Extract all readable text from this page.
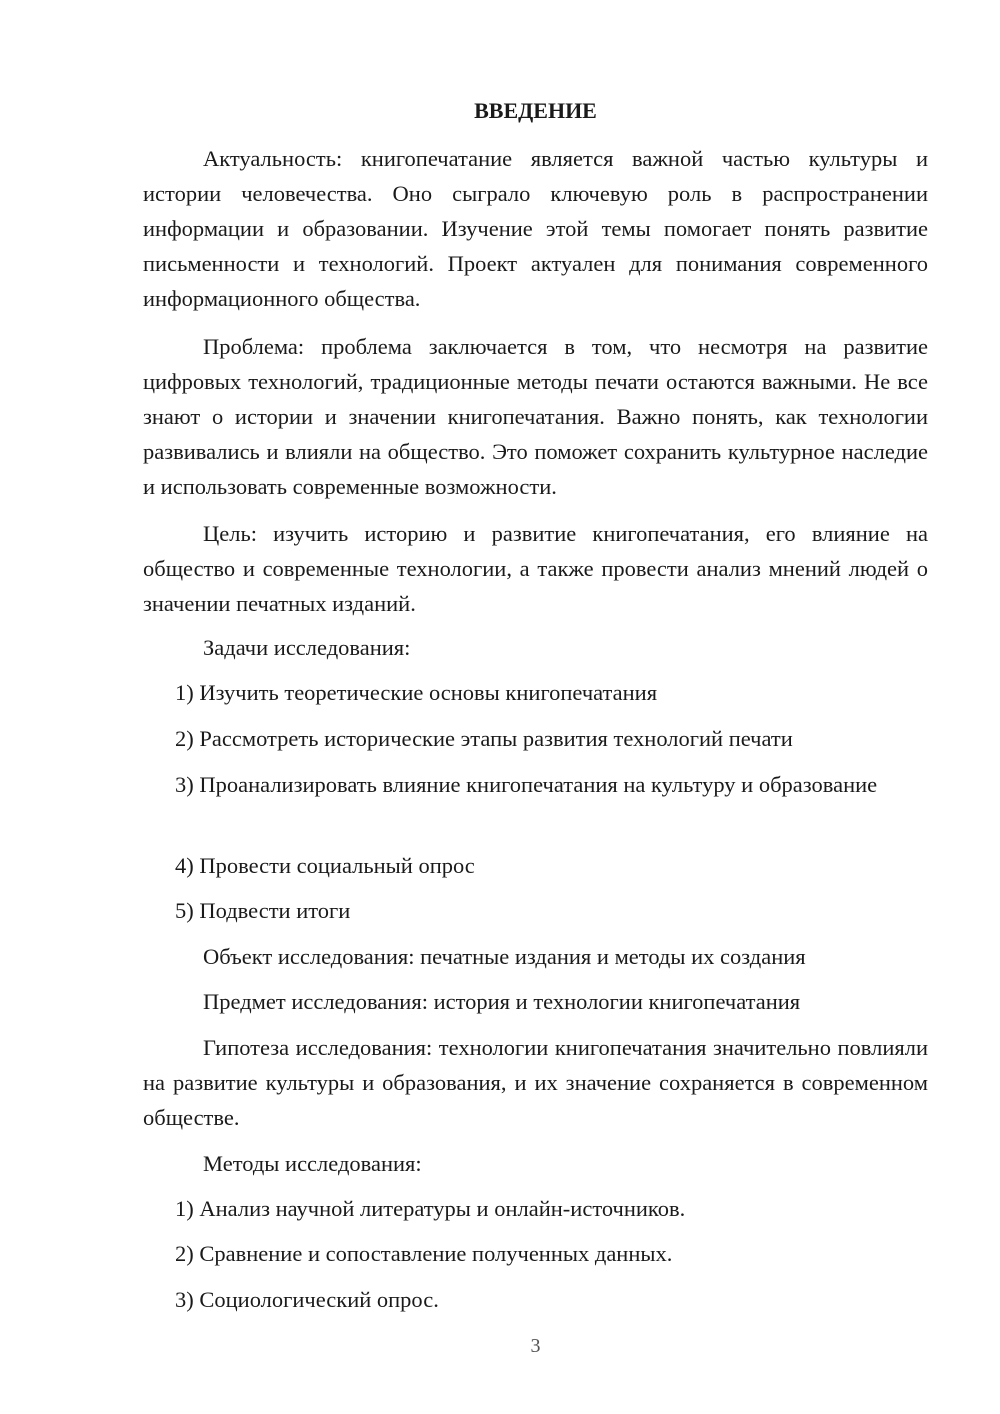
ВВЕДЕНИЕ

Актуальность: книгопечатание является важной частью культуры и истории человечества. Оно сыграло ключевую роль в распространении информации и образовании. Изучение этой темы помогает понять развитие письменности и технологий. Проект актуален для понимания современного информационного общества.

Проблема: проблема заключается в том, что несмотря на развитие цифровых технологий, традиционные методы печати остаются важными. Не все знают о истории и значении книгопечатания. Важно понять, как технологии развивались и влияли на общество. Это поможет сохранить культурное наследие и использовать современные возможности.

Цель: изучить историю и развитие книгопечатания, его влияние на общество и современные технологии, а также провести анализ мнений людей о значении печатных изданий.

Задачи исследования:

1) Изучить теоретические основы книгопечатания

2) Рассмотреть исторические этапы развития технологий печати

3) Проанализировать влияние книгопечатания на культуру и образование

4) Провести социальный опрос

5) Подвести итоги

Объект исследования: печатные издания и методы их создания

Предмет исследования: история и технологии книгопечатания

Гипотеза исследования: технологии книгопечатания значительно повлияли на развитие культуры и образования, и их значение сохраняется в современном обществе.

Методы исследования:

1) Анализ научной литературы и онлайн-источников.

2) Сравнение и сопоставление полученных данных.

3) Социологический опрос.

3
